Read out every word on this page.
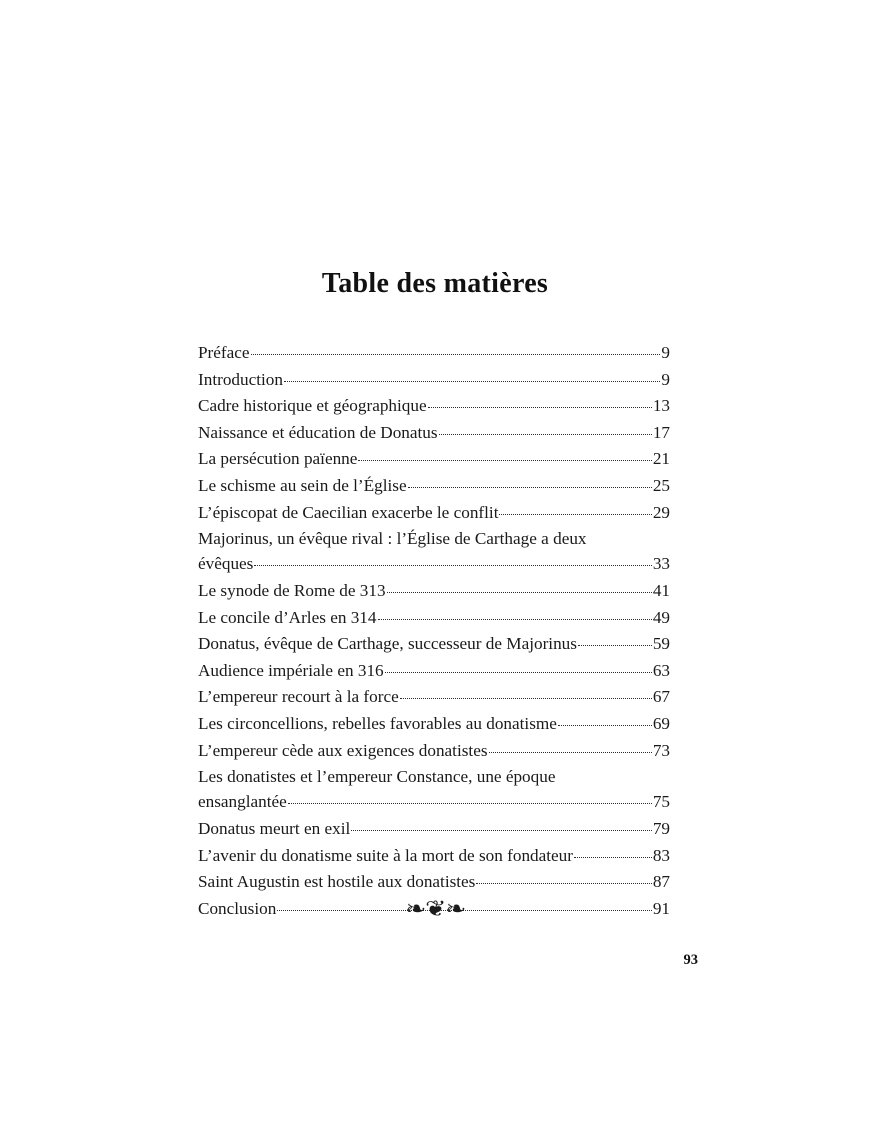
Table des matières
Préface	9
Introduction	9
Cadre historique et géographique	13
Naissance et éducation de Donatus	17
La persécution païenne	21
Le schisme au sein de l’Église	25
L’épiscopat de Caecilian exacerbe le conflit	29
Majorinus, un évêque rival : l’Église de Carthage a deux
évêques	33
Le synode de Rome de 313	41
Le concile d’Arles en 314	49
Donatus, évêque de Carthage, successeur de Majorinus	59
Audience impériale en 316	63
L’empereur recourt à la force	67
Les circoncellions, rebelles favorables au donatisme	69
L’empereur cède aux exigences donatistes	73
Les donatistes et l’empereur Constance, une époque
ensanglantée	75
Donatus meurt en exil	79
L’avenir du donatisme suite à la mort de son fondateur	83
Saint Augustin est hostile aux donatistes	87
Conclusion	91
❧❦❧
93
